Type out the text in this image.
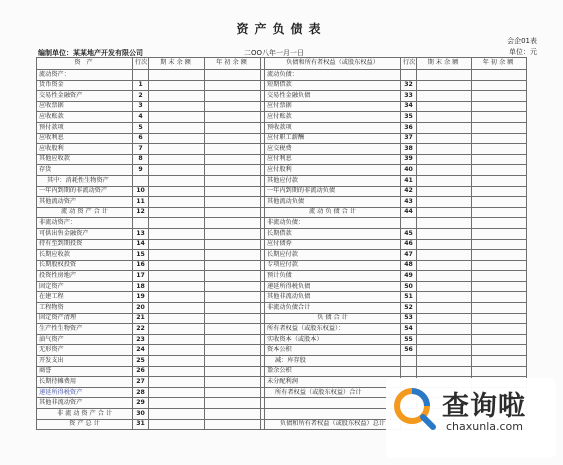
资产负债表
会企01表
单位：元
编制单位：某某地产开发有限公司	二OO八年一月一日
资 产	行次	期末余额	年初余额		负债和所有者权益（或股东权益）	行次	期末余额	年初余额
流动资产：					流动负债：			
货币资金	1				短期借款	32		
交易性金融资产	2				交易性金融负债	33		
应收票据	3				应付票据	34		
应收账款	4				应付账款	35		
预付款项	5				预收款项	36		
应收利息	6				应付职工薪酬	37		
应收股利	7				应交税费	38		
其他应收款	8				应付利息	39		
存货	9				应付股利	40		
其中：消耗性生物资产					其他应付款	41		
一年内到期的非流动资产	10				一年内到期的非流动负债	42		
其他流动资产	11				其他流动负债	43		
流 动 资 产 合 计	12				流 动 负 债 合 计	44		
非流动资产：					非流动负债：			
可供出售金融资产	13				长期借款	45		
持有至到期投资	14				应付债券	46		
长期应收款	15				长期应付款	47		
长期股权投资	16				专项应付款	48		
投资性房地产	17				预计负债	49		
固定资产	18				递延所得税负债	50		
在建工程	19				其他非流动负债	51		
工程物资	20				非流动负债合计	52		
固定资产清理	21				负 债 合 计	53		
生产性生物资产	22				所有者权益（或股东权益）：	54		
油气资产	23				实收资本（或股本）	55		
无形资产	24				资本公积	56		
开发支出	25				减：库存股			
商誉	26				盈余公积			
长期待摊费用	27				未分配利润			
递延所得税资产	28				所有者权益（或股东权益）合计			
其他非流动资产	29							
非 流 动 资 产 合 计	30							
资 产 总 计	31				负债和所有者权益（或股东权益）总计			
查询啦
chaxunla.com
